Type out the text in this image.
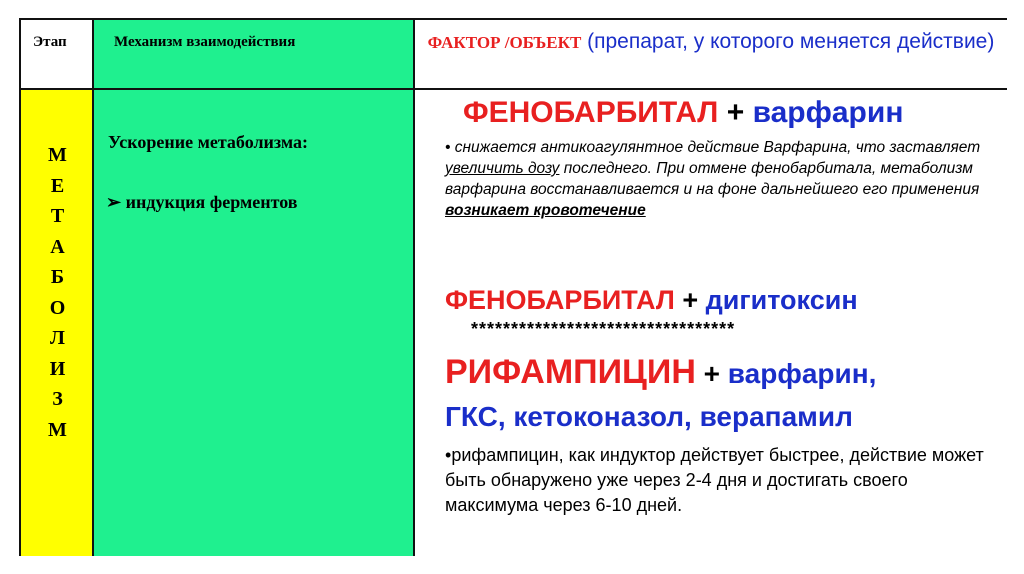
Этап	Механизм взаимодействия	ФАКТОР /ОБЪЕКТ (препарат, у которого меняется действие)
М
Е
Т
А
Б
О
Л
И
З
М
Ускорение метаболизма:
➢ индукция ферментов
ФЕНОБАРБИТАЛ + варфарин
• снижается антикоагулянтное действие Варфарина, что заставляет увеличить дозу последнего. При отмене фенобарбитала, метаболизм варфарина восстанавливается и на фоне дальнейшего его применения возникает кровотечение
ФЕНОБАРБИТАЛ + дигитоксин
*********************************
РИФАМПИЦИН + варфарин,
ГКС, кетоконазол, верапамил
•рифампицин, как индуктор действует быстрее, действие может быть обнаружено уже через 2-4 дня и достигать своего максимума через 6-10 дней.
